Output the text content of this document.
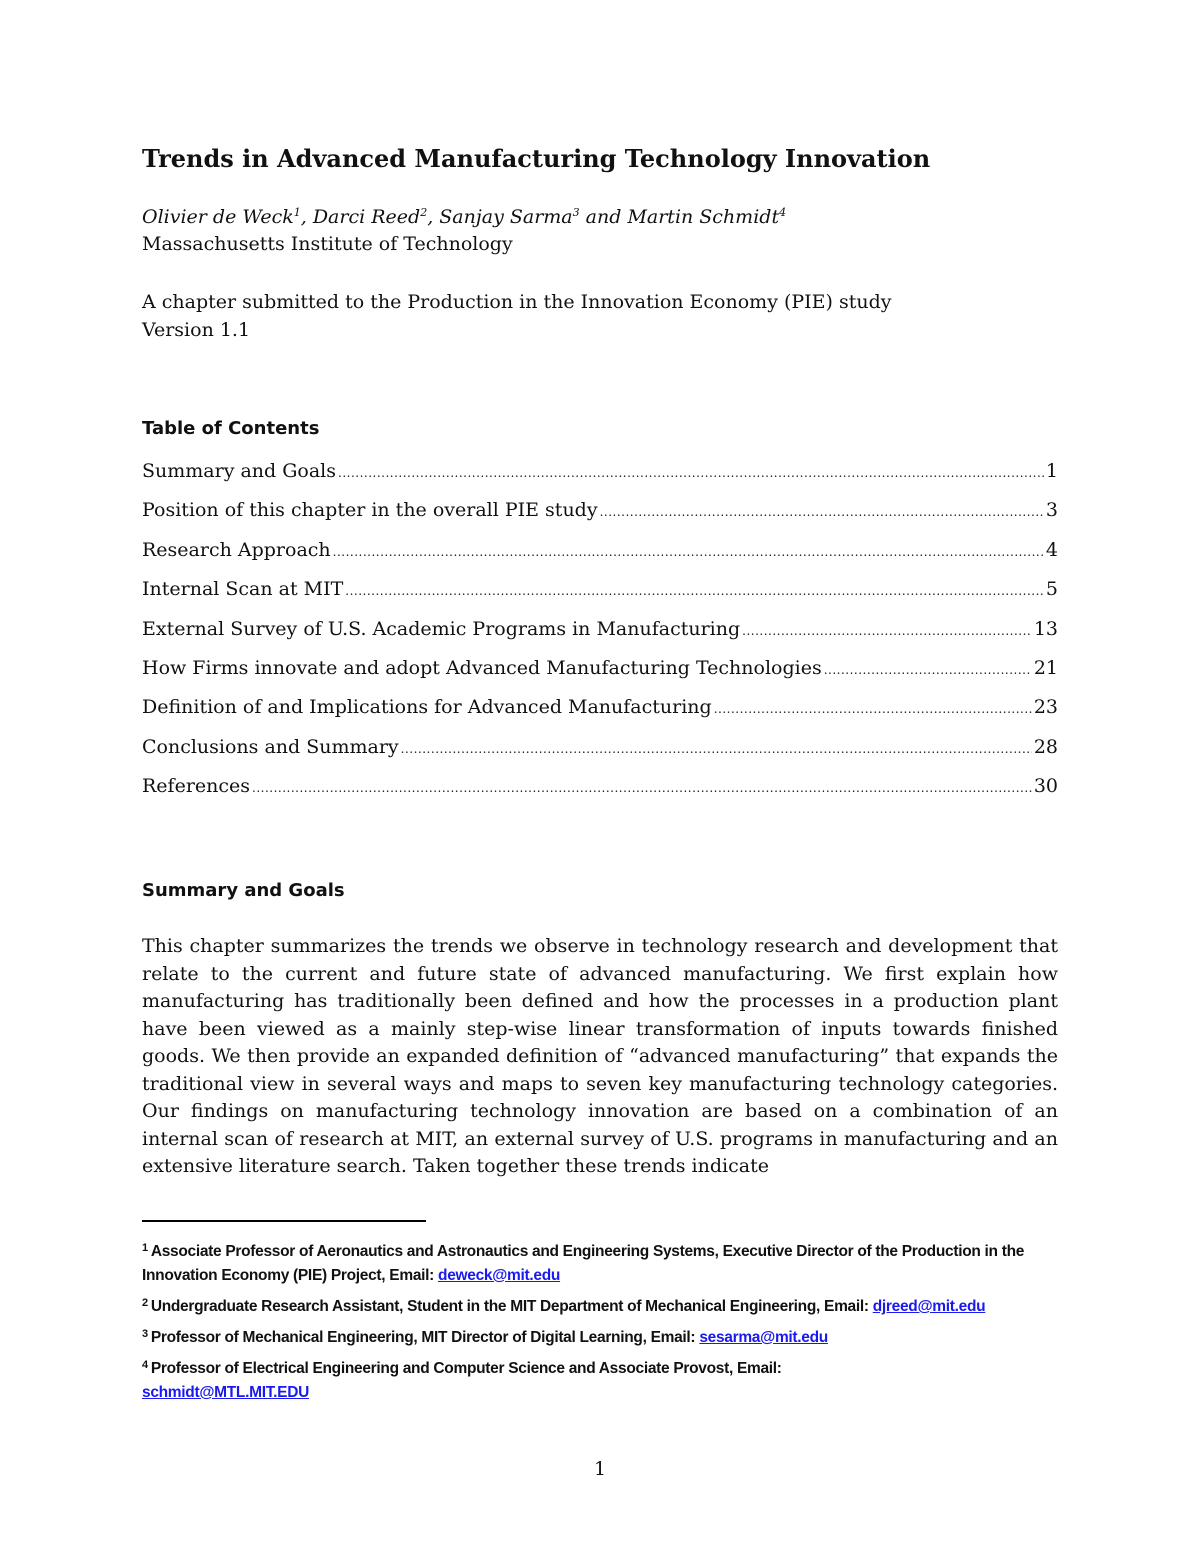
Trends in Advanced Manufacturing Technology Innovation
Olivier de Weck$^1$, Darci Reed$^2$, Sanjay Sarma$^3$ and Martin Schmidt$^4$
Massachusetts Institute of Technology
A chapter submitted to the Production in the Innovation Economy (PIE) study
Version 1.1
Table of Contents
Summary and Goals .....	1
Position of this chapter in the overall PIE study .....	3
Research Approach .....	4
Internal Scan at MIT .....	5
External Survey of U.S. Academic Programs in Manufacturing .....	13
How Firms innovate and adopt Advanced Manufacturing Technologies .....	21
Definition of and Implications for Advanced Manufacturing .....	23
Conclusions and Summary .....	28
References .....	30
Summary and Goals
This chapter summarizes the trends we observe in technology research and development that relate to the current and future state of advanced manufacturing. We first explain how manufacturing has traditionally been defined and how the processes in a production plant have been viewed as a mainly step-wise linear transformation of inputs towards finished goods. We then provide an expanded definition of “advanced manufacturing” that expands the traditional view in several ways and maps to seven key manufacturing technology categories. Our findings on manufacturing technology innovation are based on a combination of an internal scan of research at MIT, an external survey of U.S. programs in manufacturing and an extensive literature search. Taken together these trends indicate
$^1$ Associate Professor of Aeronautics and Astronautics and Engineering Systems, Executive Director of the Production in the Innovation Economy (PIE) Project, Email: deweck@mit.edu
$^2$ Undergraduate Research Assistant, Student in the MIT Department of Mechanical Engineering, Email: djreed@mit.edu
$^3$ Professor of Mechanical Engineering, MIT Director of Digital Learning, Email: sesarma@mit.edu
$^4$ Professor of Electrical Engineering and Computer Science and Associate Provost, Email:
schmidt@MTL.MIT.EDU
1
